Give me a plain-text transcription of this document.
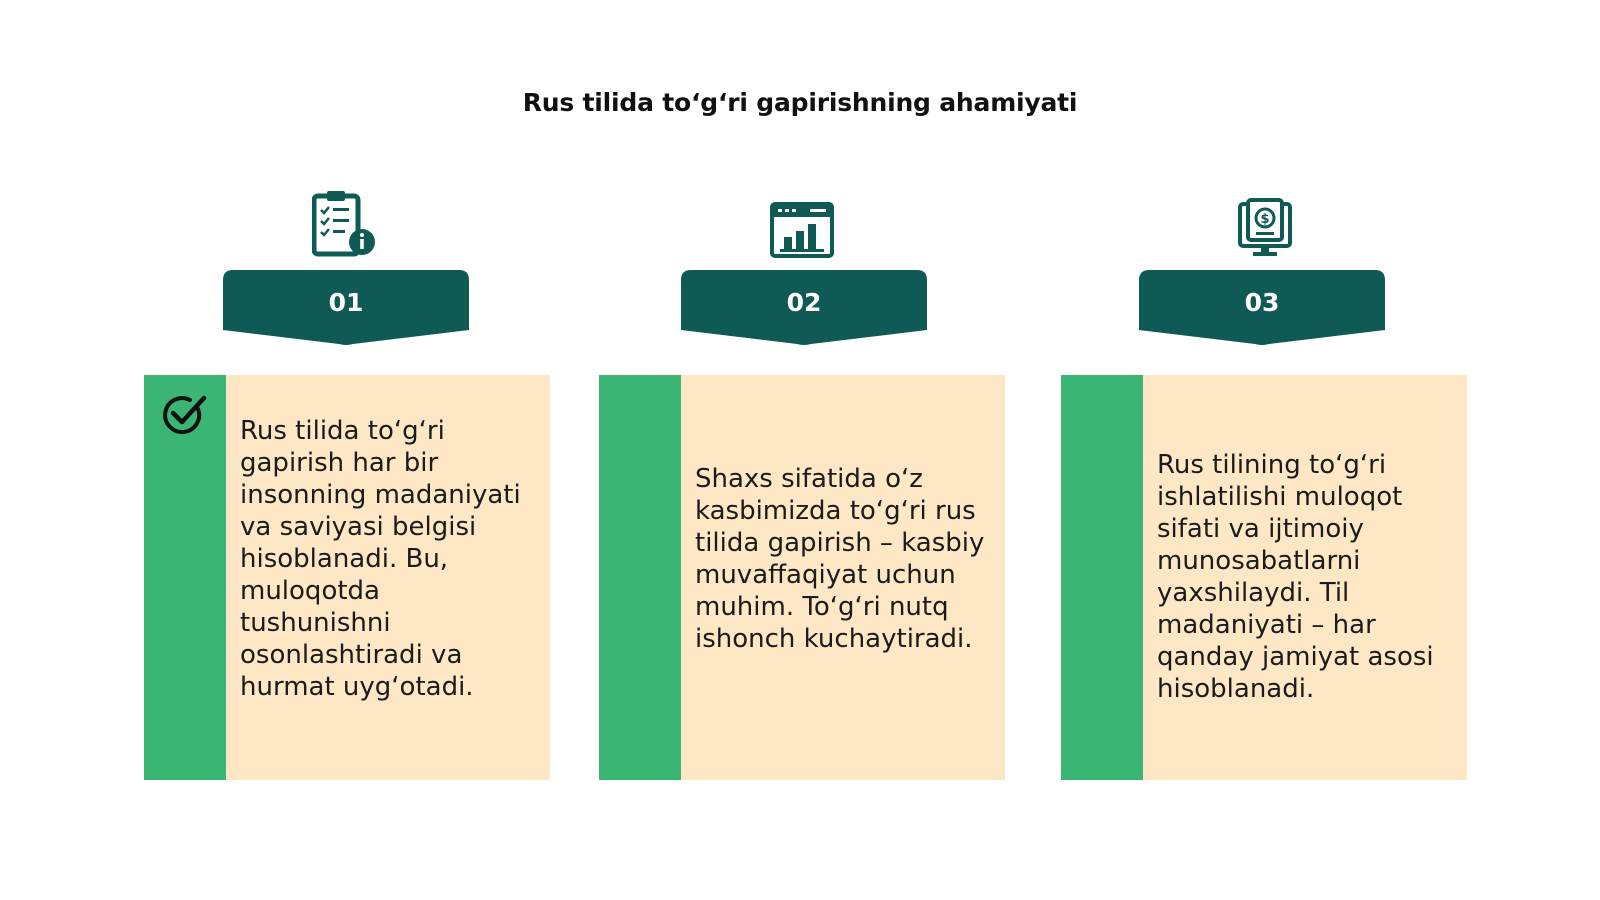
Rus tilida to‘g‘ri gapirishning ahamiyati
01
Rus tilida to‘g‘ri gapirish har bir insonning madaniyati va saviyasi belgisi hisoblanadi. Bu, muloqotda tushunishni osonlashtiradi va hurmat uyg‘otadi.
02
Shaxs sifatida o‘z kasbimizda to‘g‘ri rus tilida gapirish – kasbiy muvaffaqiyat uchun muhim. To‘g‘ri nutq ishonch kuchaytiradi.
$
03
Rus tilining to‘g‘ri ishlatilishi muloqot sifati va ijtimoiy munosabatlarni yaxshilaydi. Til madaniyati – har qanday jamiyat asosi hisoblanadi.
